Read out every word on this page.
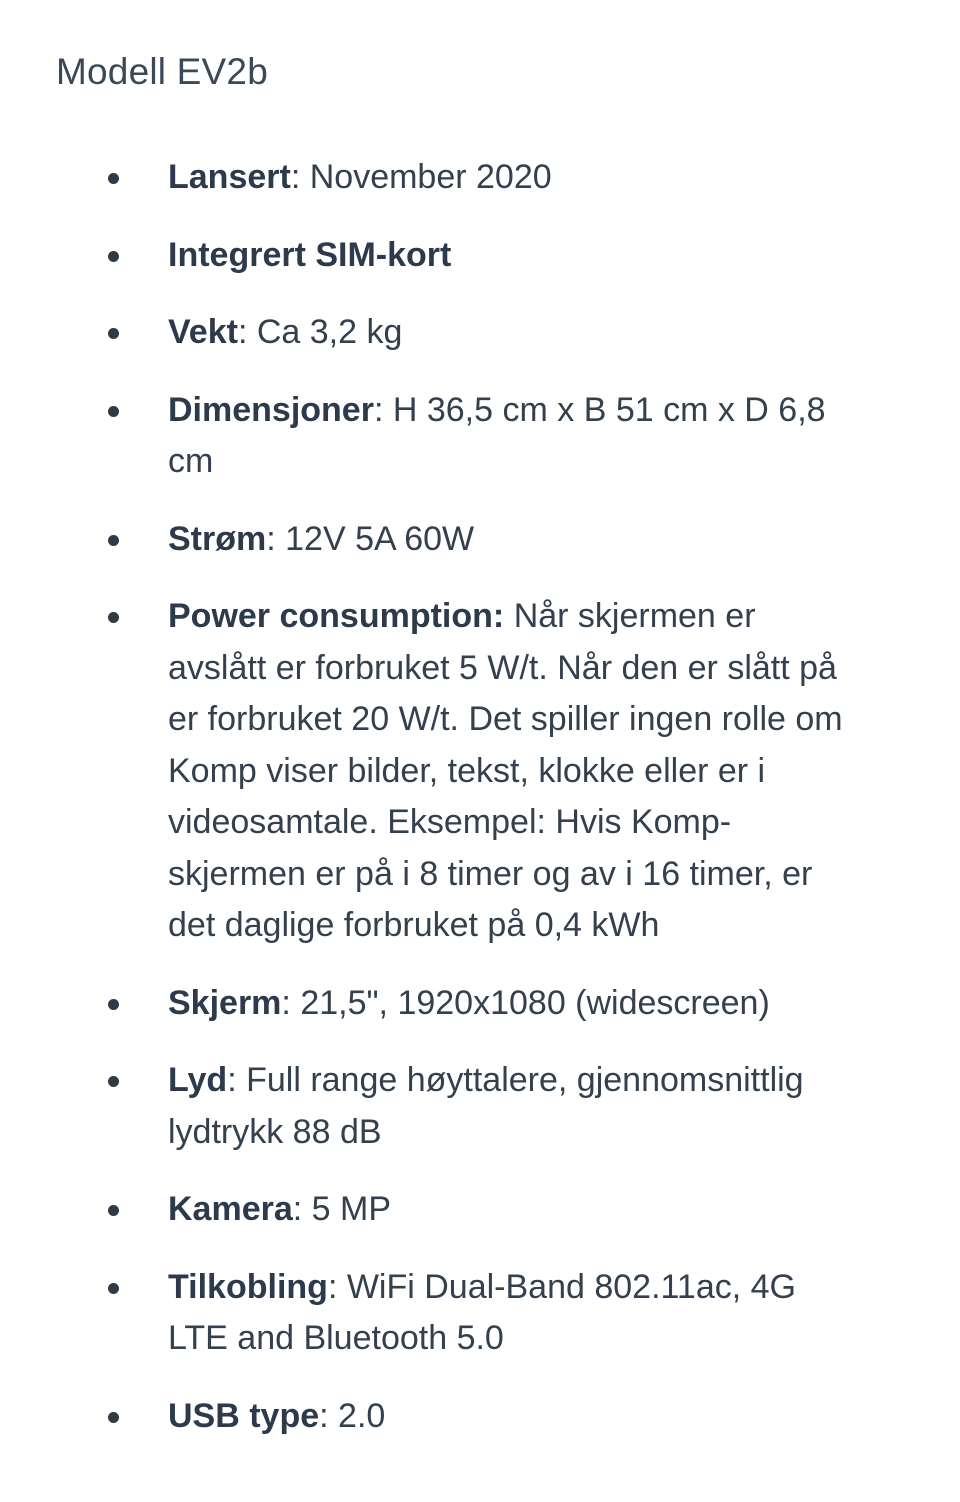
Modell EV2b
Lansert: November 2020
Integrert SIM-kort
Vekt: Ca 3,2 kg
Dimensjoner: H 36,5 cm x B 51 cm x D 6,8 cm
Strøm: 12V 5A 60W
Power consumption: Når skjermen er avslått er forbruket 5 W/t. Når den er slått på er forbruket 20 W/t. Det spiller ingen rolle om Komp viser bilder, tekst, klokke eller er i videosamtale. Eksempel: Hvis Komp-skjermen er på i 8 timer og av i 16 timer, er det daglige forbruket på 0,4 kWh
Skjerm: 21,5", 1920x1080 (widescreen)
Lyd: Full range høyttalere, gjennomsnittlig lydtrykk 88 dB
Kamera: 5 MP
Tilkobling: WiFi Dual-Band 802.11ac, 4G LTE and Bluetooth 5.0
USB type: 2.0
